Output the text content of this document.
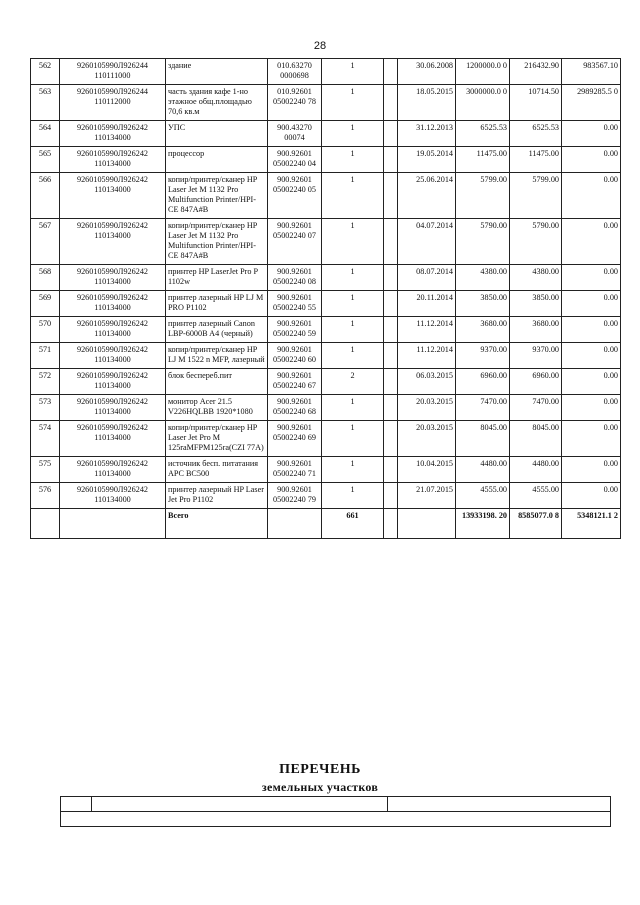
28
562	9260105990Л926244 110111000	здание	010.63270 0000698	1		30.06.2008	1200000.0 0	216432.90	983567.10
563	9260105990Л926244 110112000	часть здания кафе 1-но этажное общ.площадью 70,6 кв.м	010.92601 05002240 78	1		18.05.2015	3000000.0 0	10714.50	2989285.5 0
564	9260105990Л926242 110134000	УПС	900.43270 00074	1		31.12.2013	6525.53	6525.53	0.00
565	9260105990Л926242 110134000	процессор	900.92601 05002240 04	1		19.05.2014	11475.00	11475.00	0.00
566	9260105990Л926242 110134000	копир/принтер/сканер HP Laser Jet M 1132 Pro Multifunction Printer/HPI-CE 847A#B	900.92601 05002240 05	1		25.06.2014	5799.00	5799.00	0.00
567	9260105990Л926242 110134000	копир/принтер/сканер HP Laser Jet M 1132 Pro Multifunction Printer/HPI-CE 847A#B	900.92601 05002240 07	1		04.07.2014	5790.00	5790.00	0.00
568	9260105990Л926242 110134000	принтер HP LaserJet Pro P 1102w	900.92601 05002240 08	1		08.07.2014	4380.00	4380.00	0.00
569	9260105990Л926242 110134000	принтер лазерный HP LJ M PRO P1102	900.92601 05002240 55	1		20.11.2014	3850.00	3850.00	0.00
570	9260105990Л926242 110134000	принтер лазерный Canon LBP-6000B A4 (черный)	900.92601 05002240 59	1		11.12.2014	3680.00	3680.00	0.00
571	9260105990Л926242 110134000	копир/принтер/сканер HP LJ M 1522 n MFP, лазерный	900.92601 05002240 60	1		11.12.2014	9370.00	9370.00	0.00
572	9260105990Л926242 110134000	блок бесперeб.пит	900.92601 05002240 67	2		06.03.2015	6960.00	6960.00	0.00
573	9260105990Л926242 110134000	монитор Acer 21.5 V226HQLBB 1920*1080	900.92601 05002240 68	1		20.03.2015	7470.00	7470.00	0.00
574	9260105990Л926242 110134000	копир/принтер/сканер HP Laser Jet Pro M 125raMFPM125ra(CZI 77A)	900.92601 05002240 69	1		20.03.2015	8045.00	8045.00	0.00
575	9260105990Л926242 110134000	источник бесп. питатания APC BC500	900.92601 05002240 71	1		10.04.2015	4480.00	4480.00	0.00
576	9260105990Л926242 110134000	принтер лазерный HP Laser Jet Pro P1102	900.92601 05002240 79	1		21.07.2015	4555.00	4555.00	0.00
		Всего		661			13933198. 20	8585077.0 8	5348121.1 2
ПЕРЕЧЕНЬ
земельных участков
